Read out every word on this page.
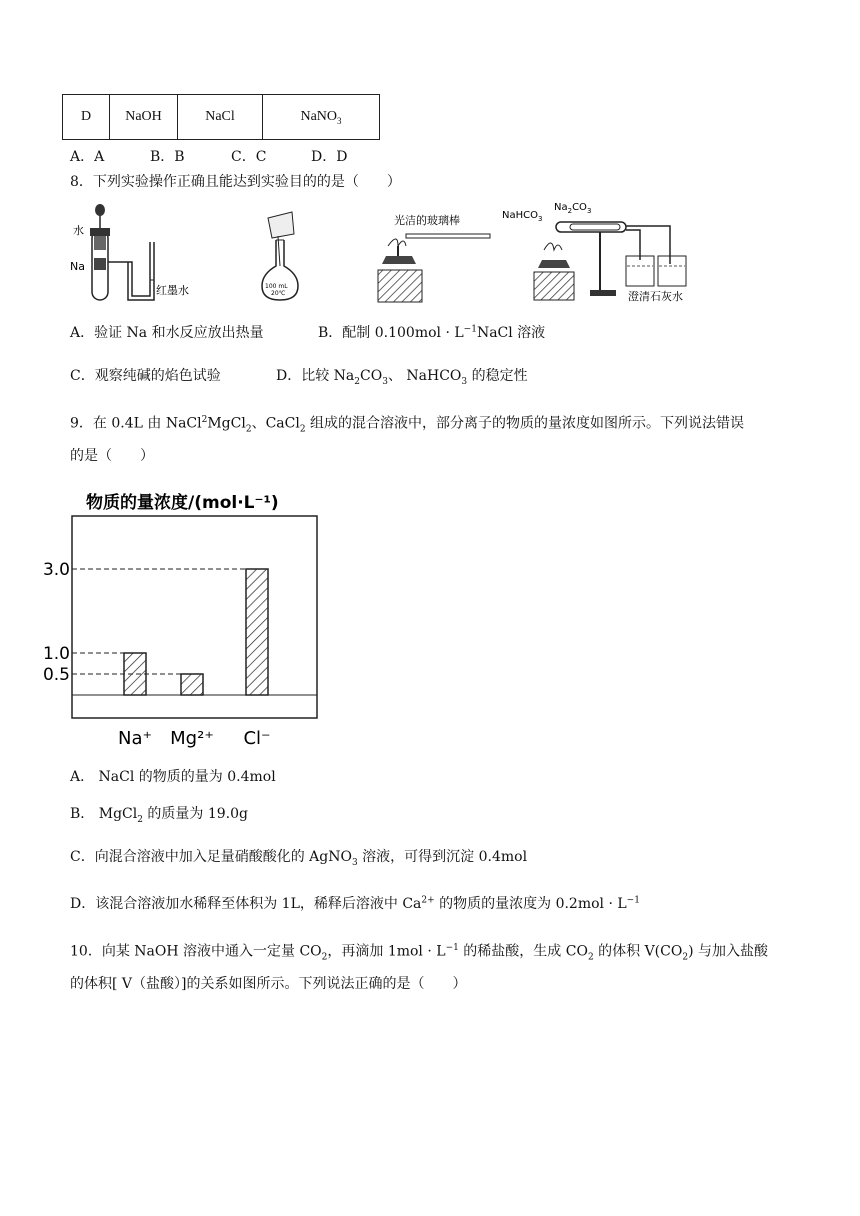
D	NaOH	NaCl	NaNO$_3$
A．A	B．B	C．C	D．D
8．下列实验操作正确且能达到实验目的的是（　　）
水
Na
红墨水	100 mL
20℃
光洁的玻璃棒	NaHCO$_3$
$Na_2CO_3$
澄清石灰水
A．验证 Na 和水反应放出热量	B．配制 $0.100mol \cdot L^{-1}NaCl$ 溶液
C．观察纯碱的焰色试验	D．比较 $Na_2CO_3$、 NaHCO$_3$ 的稳定性
9．在 0.4L 由 NaCl$^2$MgCl$_2$、CaCl$_2$ 组成的混合溶液中，部分离子的物质的量浓度如图所示。下列说法错误
的是（　　）
物质的量浓度/(mol·L⁻¹)
Na⁺ Mg²⁺ Cl⁻
3.0
1.0
0.5
A． NaCl 的物质的量为 0.4mol
B． MgCl$_2$ 的质量为 19.0g
C．向混合溶液中加入足量硝酸酸化的 AgNO$_3$ 溶液，可得到沉淀 0.4mol
D．该混合溶液加水稀释至体积为 1L，稀释后溶液中 $Ca^{2+}$ 的物质的量浓度为 $0.2mol \cdot L^{-1}$
10．向某 NaOH 溶液中通入一定量 $CO_2$，再滴加 $1mol \cdot L^{-1}$ 的稀盐酸，生成 $CO_2$ 的体积 $V(CO_2)$ 与加入盐酸
的体积[ V（盐酸）]的关系如图所示。下列说法正确的是（　　）
